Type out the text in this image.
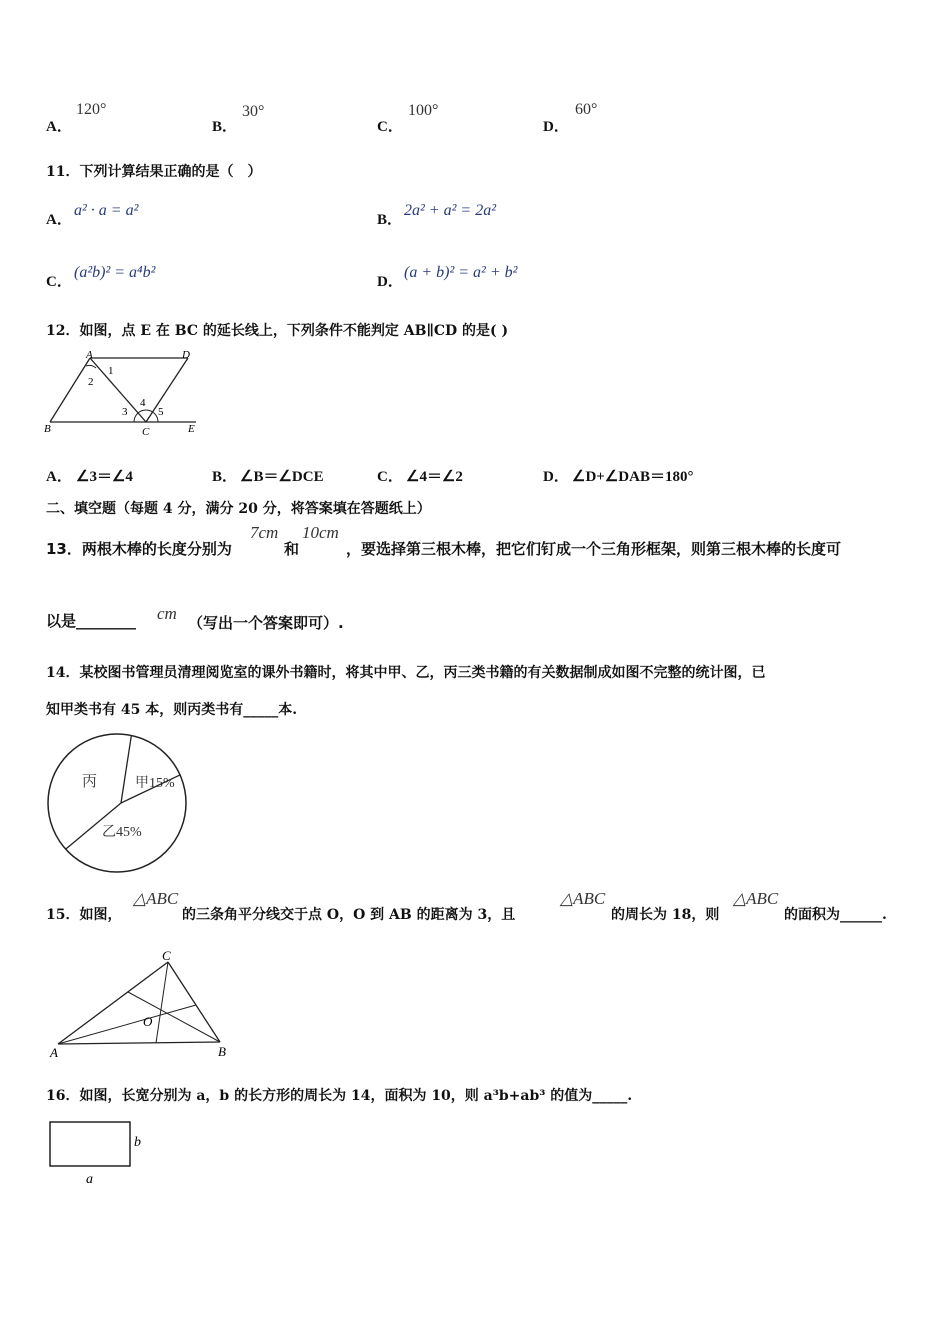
A．
120°
B．
30°
C．
100°
D．
60°
11．下列计算结果正确的是（　）
A．
a² · a = a²
B．
2a² + a² = 2a²
C．
(a²b)² = a⁴b²
D．
(a + b)² = a² + b²
12．如图，点 E 在 BC 的延长线上，下列条件不能判定 AB∥CD 的是( )
A	D
B	C	E
1
2
3
4
5
A． ∠3＝∠4	B． ∠B＝∠DCE	C． ∠4＝∠2	D． ∠D+∠DAB＝180°
二、填空题（每题 4 分，满分 20 分，将答案填在答题纸上）
13．两根木棒的长度分别为
7cm
和
10cm
，要选择第三根木棒，把它们钉成一个三角形框架，则第三根木棒的长度可
以是________ cm （写出一个答案即可）.
14．某校图书管理员清理阅览室的课外书籍时，将其中甲、乙，丙三类书籍的有关数据制成如图不完整的统计图，已
知甲类书有 45 本，则丙类书有_____本.
丙	甲15%
乙45%
15．如图，
△ABC
的三条角平分线交于点 O，O 到 AB 的距离为 3，且
△ABC
的周长为 18，则
△ABC
的面积为______.
C
A	B
O
16．如图，长宽分别为 a，b 的长方形的周长为 14，面积为 10，则 a³b+ab³ 的值为_____.
b
a
